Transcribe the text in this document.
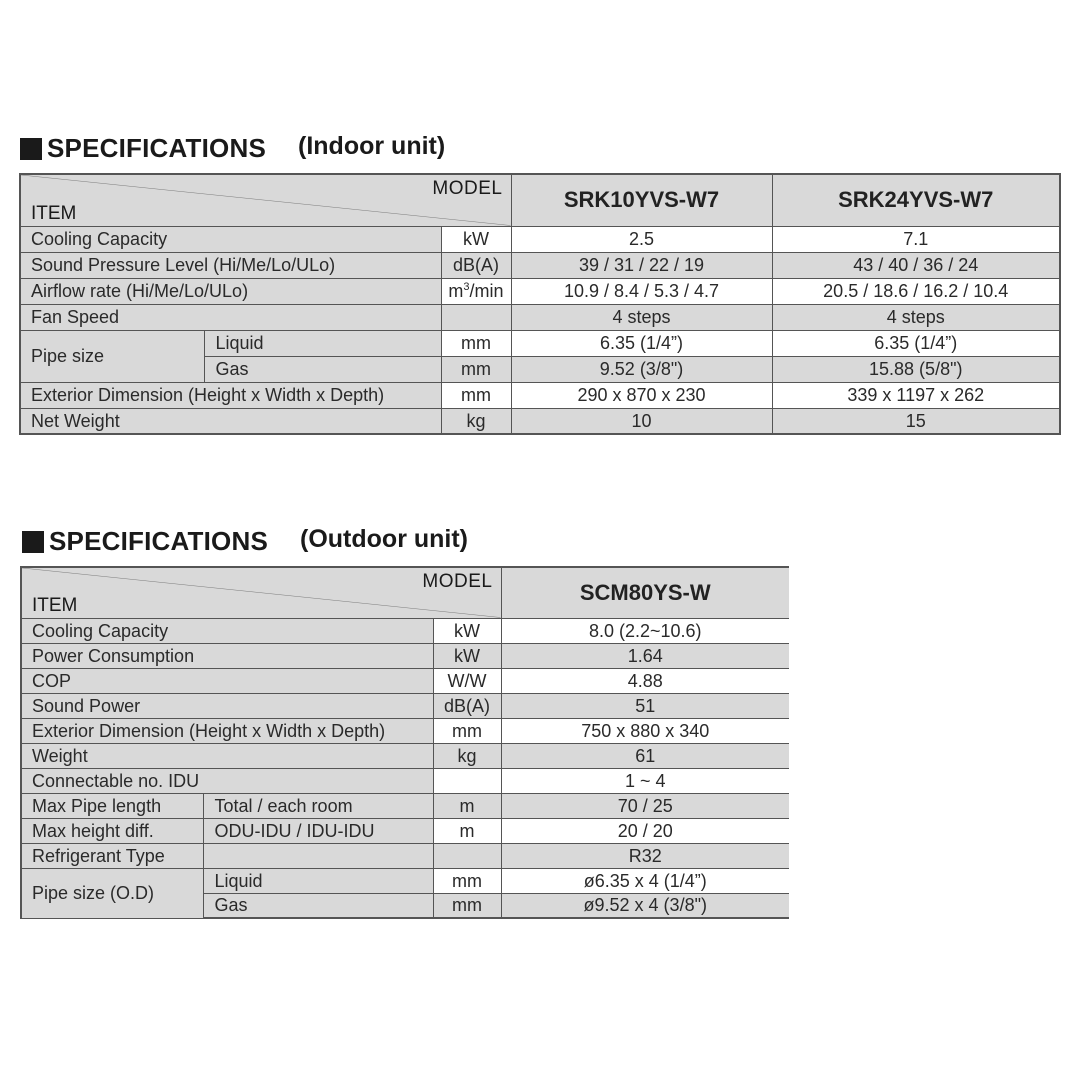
SPECIFICATIONS (Indoor unit)
MODEL
ITEM			SRK10YVS-W7	SRK24YVS-W7
Cooling Capacity		kW	2.5	7.1
Sound Pressure Level (Hi/Me/Lo/ULo)		dB(A)	39 / 31 / 22 / 19	43 / 40 / 36 / 24
Airflow rate (Hi/Me/Lo/ULo)		$m^3/\min$	10.9 / 8.4 / 5.3 / 4.7	20.5 / 18.6 / 16.2 / 10.4
Fan Speed			4 steps	4 steps
Pipe size	Liquid	mm	6.35 (1/4”)	6.35 (1/4”)
	Gas	mm	9.52 (3/8")	15.88 (5/8")
Exterior Dimension (Height x Width x Depth)		mm	290 x 870 x 230	339 x 1197 x 262
Net Weight		kg	10	15
SPECIFICATIONS (Outdoor unit)
MODEL
ITEM			SCM80YS-W
Cooling Capacity		kW	8.0 (2.2~10.6)
Power Consumption		kW	1.64
COP		W/W	4.88
Sound Power		dB(A)	51
Exterior Dimension (Height x Width x Depth)		mm	750 x 880 x 340
Weight		kg	61
Connectable no. IDU			1 ~ 4
Max Pipe length	Total / each room	m	70 / 25
Max height diff.	ODU-IDU / IDU-IDU	m	20 / 20
Refrigerant Type			R32
Pipe size (O.D)	Liquid	mm	ø6.35 x 4 (1/4”)
	Gas	mm	ø9.52 x 4 (3/8")
